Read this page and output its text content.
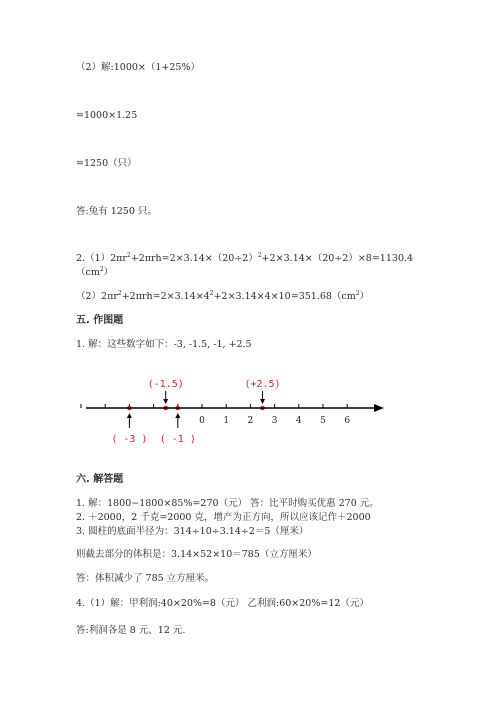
（2）解:1000×（1+25%）
=1000×1.25
=1250（只）
答:兔有 1250 只。
$2.(1)2\pi r^2+2\pi rh=2\times 3.14\times(20\div 2)^2+2\times 3.14\times(20\div 2)\times 8=1130.4$
$(cm^2)$
$(2)2\pi r^2+2\pi rh=2\times 3.14\times 4^2+2\times 3.14\times 4\times 10=351.68(cm^2)$
五. 作图题
1. 解：这些数字如下：-3, -1.5, -1, +2.5
0 1 2 3 4 5 6
(-1.5)	(+2.5)
( -3 ) ( -1 )
六. 解答题
1. 解：1800−1800×85%=270（元） 答：比平时购买优惠 270 元。
2. ＋2000，2 千克=2000 克，增产为正方向，所以应该记作＋2000
3. 圆柱的底面半径为：314÷10÷3.14÷2＝5（厘米）
则截去部分的体积是：3.14×52×10＝785（立方厘米）
答：体积减少了 785 立方厘米。
4.（1）解：甲利润:40×20%=8（元） 乙利润:60×20%=12（元）
答:利润各是 8 元、12 元.
